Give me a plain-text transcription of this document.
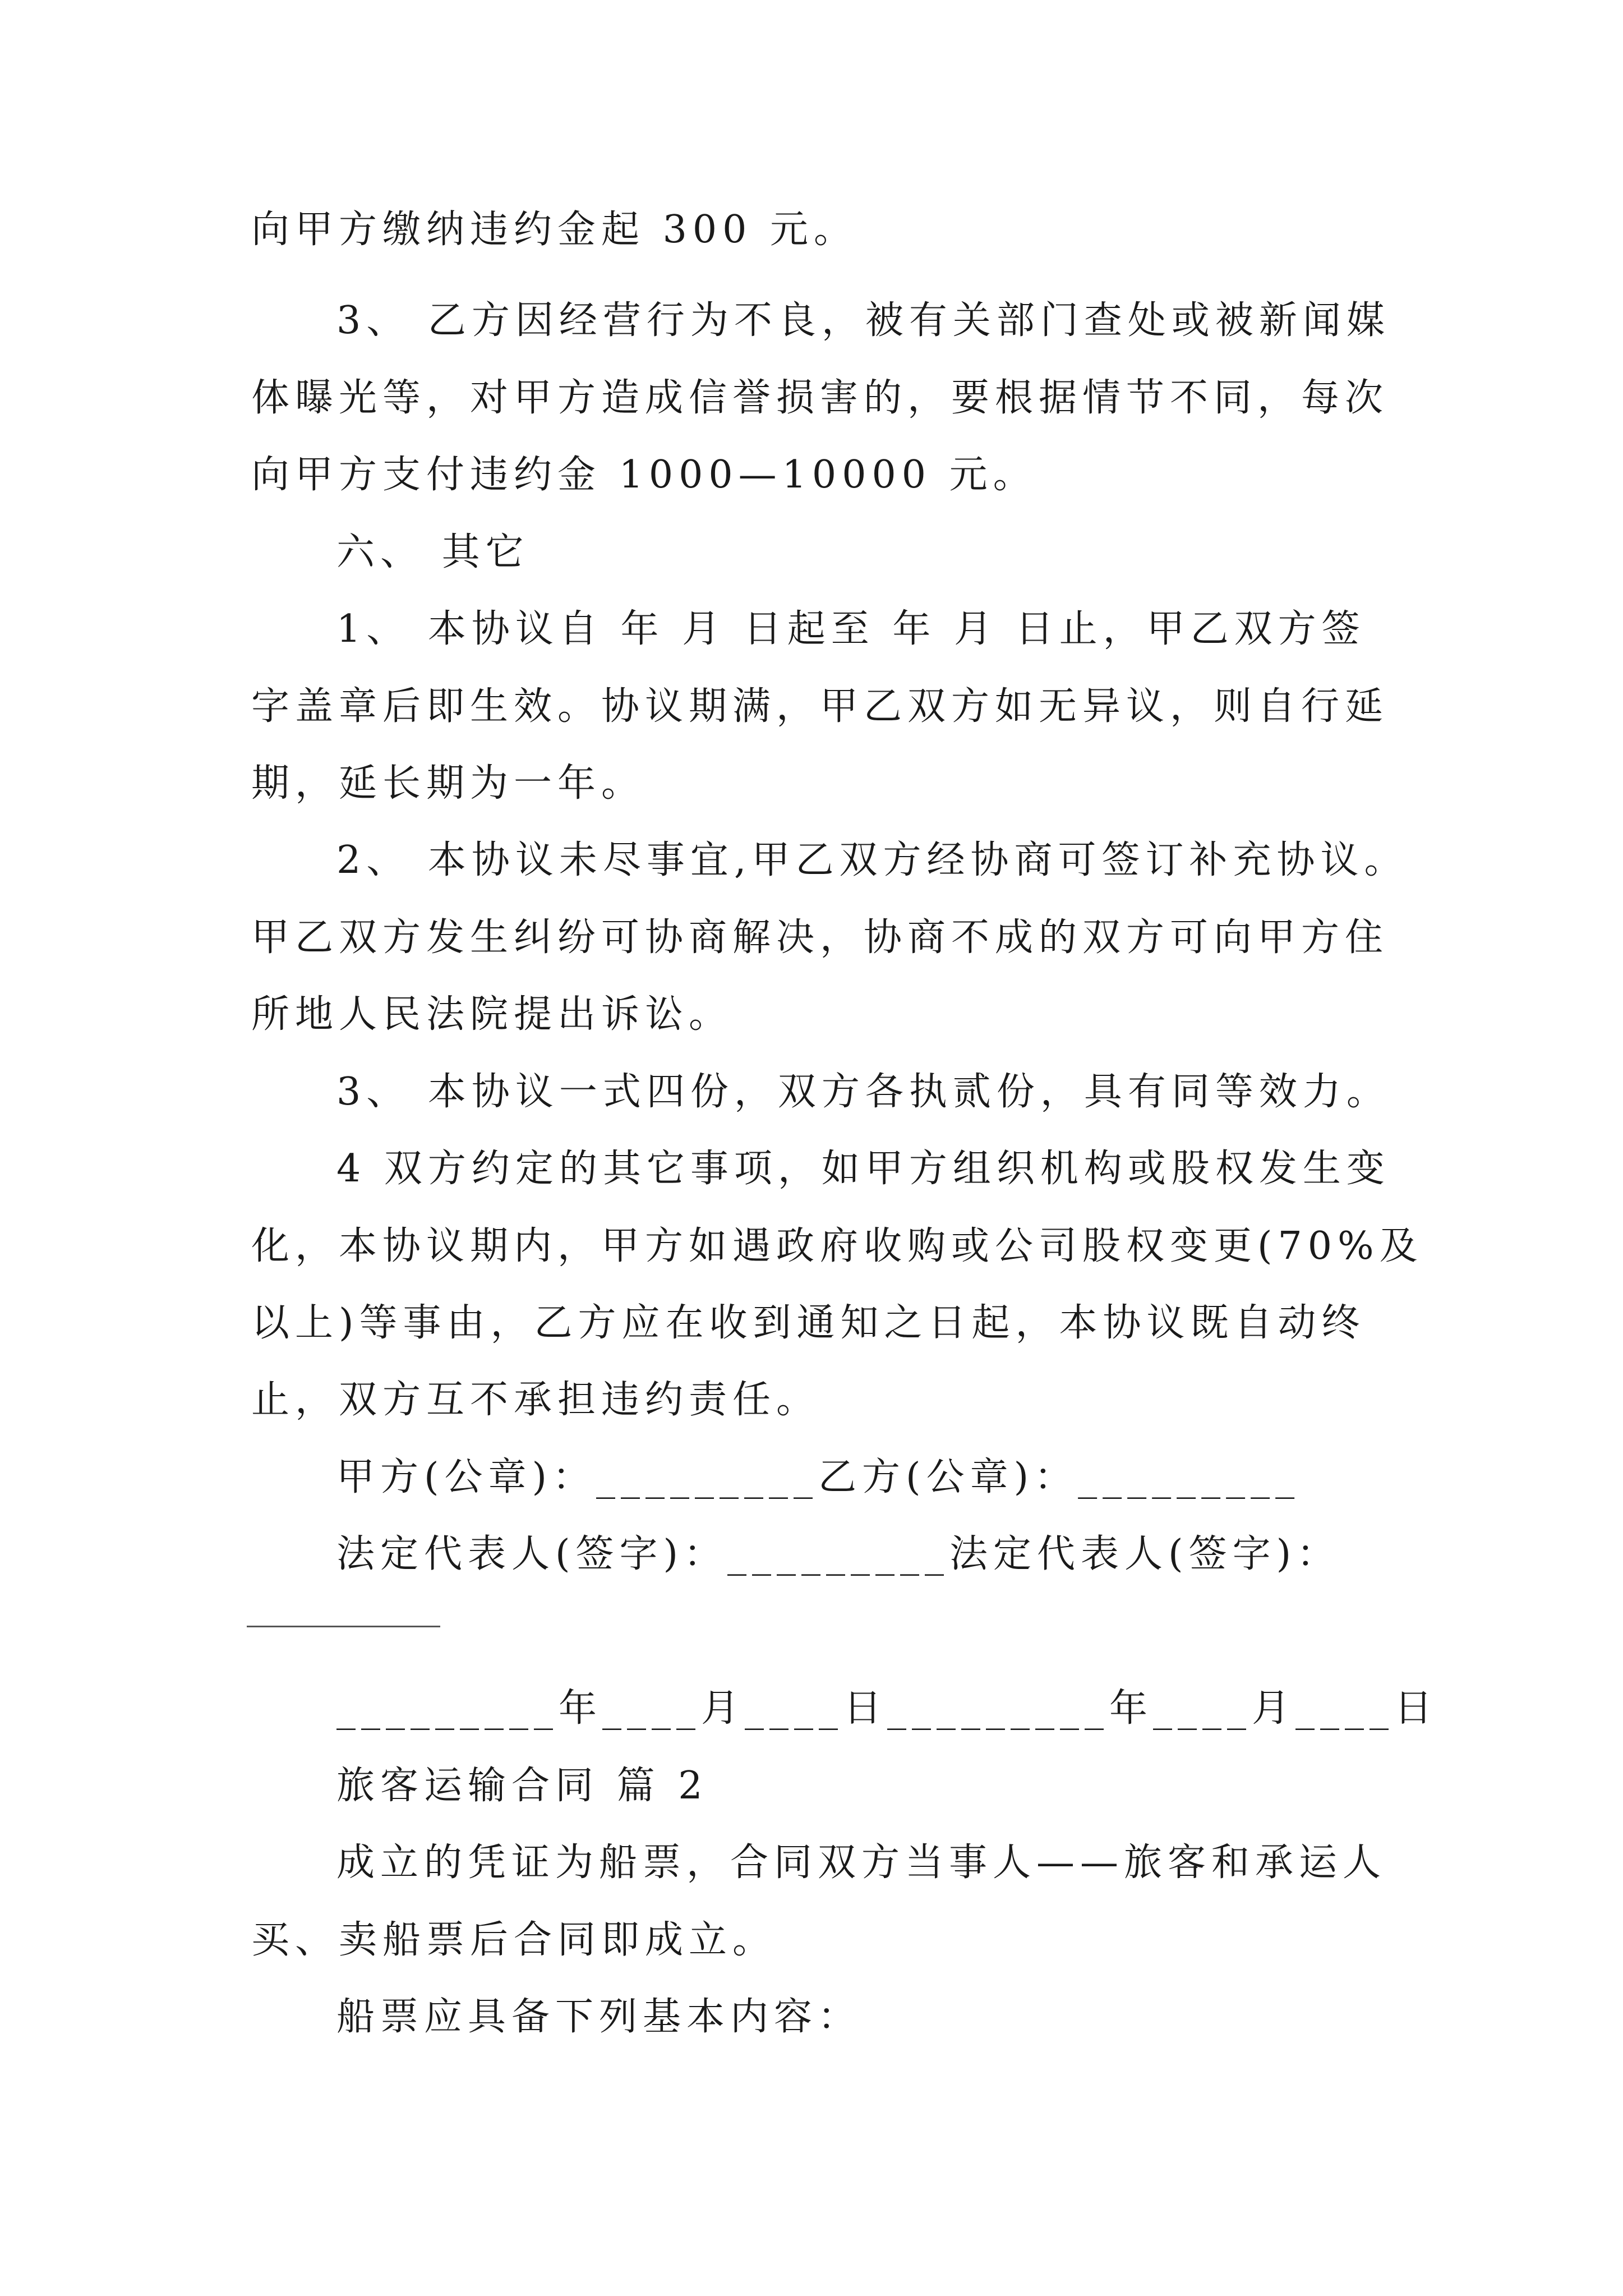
向甲方缴纳违约金起 300 元。
3、 乙方因经营行为不良，被有关部门查处或被新闻媒
体曝光等，对甲方造成信誉损害的，要根据情节不同，每次
向甲方支付违约金 1000—10000 元。
六、 其它
1、 本协议自 年 月 日起至 年 月 日止，甲乙双方签
字盖章后即生效。协议期满，甲乙双方如无异议，则自行延
期，延长期为一年。
2、 本协议未尽事宜,甲乙双方经协商可签订补充协议。
甲乙双方发生纠纷可协商解决，协商不成的双方可向甲方住
所地人民法院提出诉讼。
3、 本协议一式四份，双方各执贰份，具有同等效力。
4 双方约定的其它事项，如甲方组织机构或股权发生变
化，本协议期内，甲方如遇政府收购或公司股权变更(70%及
以上)等事由，乙方应在收到通知之日起，本协议既自动终
止，双方互不承担违约责任。
甲方(公章)：_________乙方(公章)：_________
法定代表人(签字)：_________法定代表人(签字)：
_________年____月____日_________年____月____日
旅客运输合同 篇 2
成立的凭证为船票，合同双方当事人——旅客和承运人
买、卖船票后合同即成立。
船票应具备下列基本内容：
